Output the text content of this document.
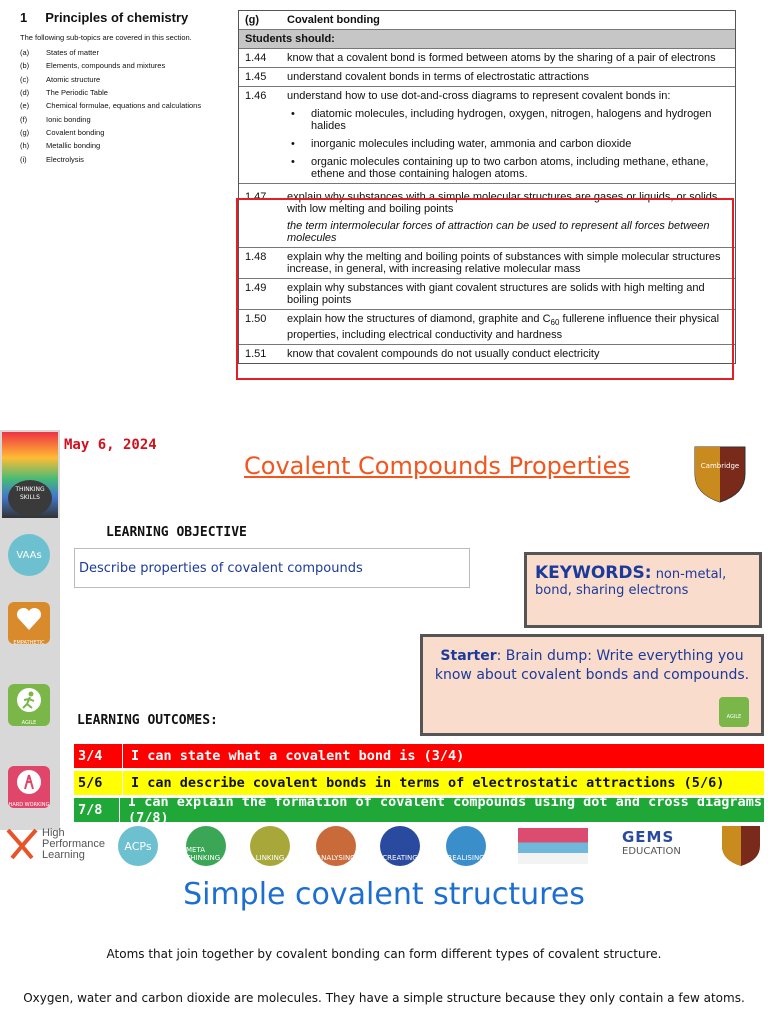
1 Principles of chemistry
The following sub-topics are covered in this section.
(a)	States of matter
(b)	Elements, compounds and mixtures
(c)	Atomic structure
(d)	The Periodic Table
(e)	Chemical formulae, equations and calculations
(f)	Ionic bonding
(g)	Covalent bonding
(h)	Metallic bonding
(i)	Electrolysis
(g)	Covalent bonding
Students should:
1.44	know that a covalent bond is formed between atoms by the sharing of a pair of electrons
1.45	understand covalent bonds in terms of electrostatic attractions
1.46	understand how to use dot-and-cross diagrams to represent covalent bonds in:
•	diatomic molecules, including hydrogen, oxygen, nitrogen, halogens and hydrogen halides
•	inorganic molecules including water, ammonia and carbon dioxide
•	organic molecules containing up to two carbon atoms, including methane, ethane, ethene and those containing halogen atoms.
1.47	explain why substances with a simple molecular structures are gases or liquids, or solids with low melting and boiling points
the term intermolecular forces of attraction can be used to represent all forces between molecules
1.48	explain why the melting and boiling points of substances with simple molecular structures increase, in general, with increasing relative molecular mass
1.49	explain why substances with giant covalent structures are solids with high melting and boiling points
1.50	explain how the structures of diamond, graphite and $C_{60}$ fullerene influence their physical properties, including electrical conductivity and hardness
1.51	know that covalent compounds do not usually conduct electricity
THINKING SKILLS
VAAs
EMPATHETIC
AGILE
HARD WORKING
May 6, 2024
Covalent Compounds Properties	Cambridge
LEARNING OBJECTIVE
Describe properties of covalent compounds	KEYWORDS: non-metal, bond, sharing electrons
Starter: Brain dump: Write everything you know about covalent bonds and compounds.
AGILE
LEARNING OUTCOMES:
3/4	I can state what a covalent bond is (3/4)
5/6	I can describe covalent bonds in terms of electrostatic attractions (5/6)
7/8	I can explain the formation of covalent compounds using dot and cross diagrams (7/8)
High
Performance
Learning
ACPs	META THINKING	LINKING	ANALYSING	CREATING	REALISING
GEMS
EDUCATION
Simple covalent structures
Atoms that join together by covalent bonding can form different types of covalent structure.
Oxygen, water and carbon dioxide are molecules. They have a simple structure because they only contain a few atoms.
